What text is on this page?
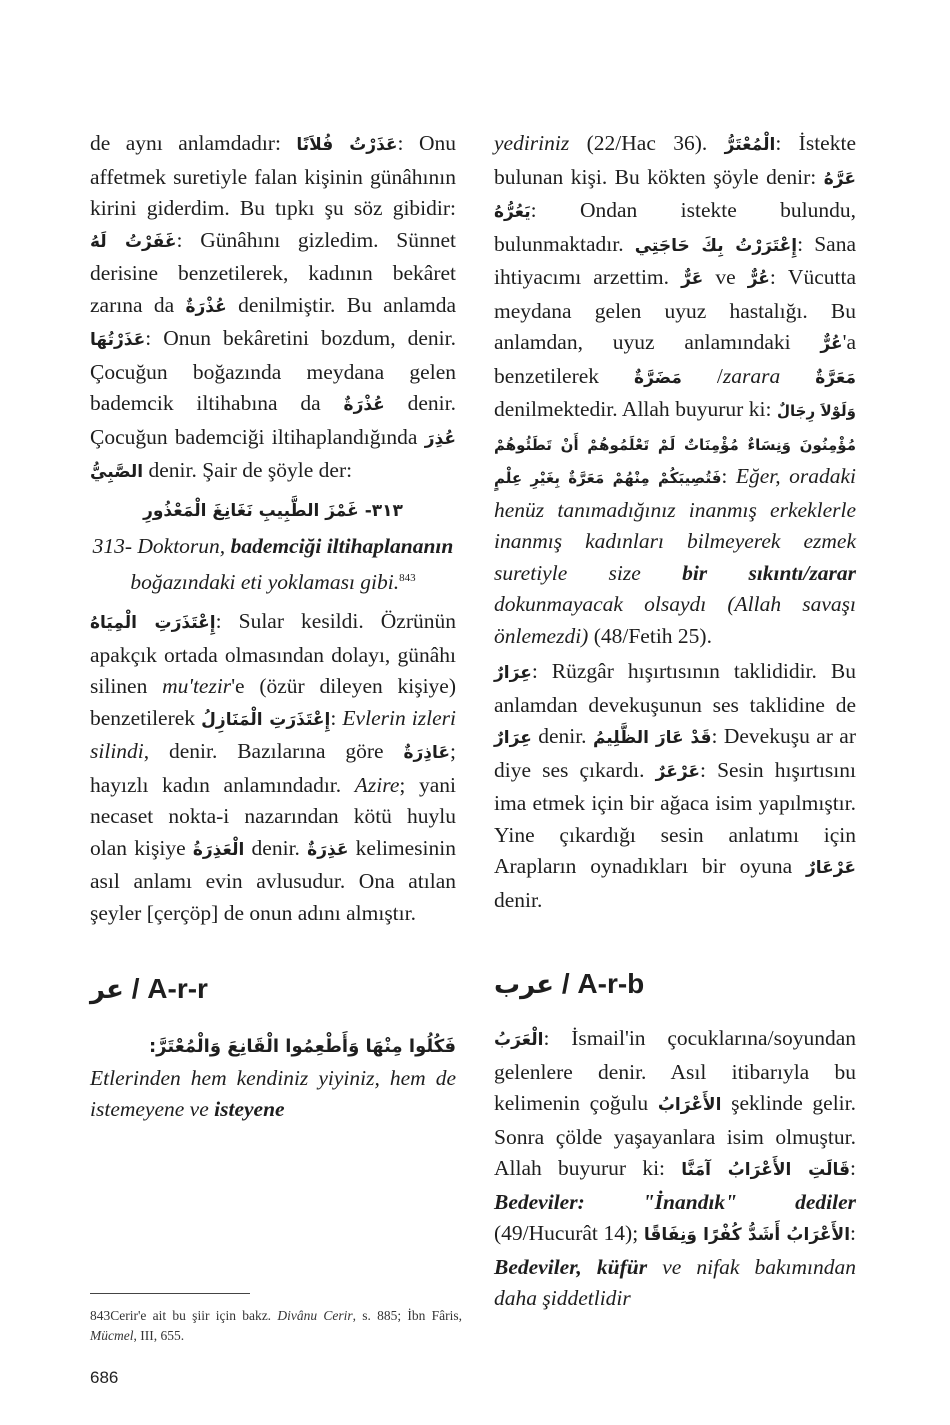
de aynı anlamdadır: عَذَرْتُ فُلاَنًا: Onu affetmek suretiyle falan kişinin günâhının kirini giderdim. Bu tıpkı şu söz gibidir: غَفَرْتُ لَهُ: Günâhını gizledim. Sünnet derisine benzetilerek, kadının bekâret zarına da عُذْرَةٌ denilmiştir. Bu anlamda عَذَرْتُهَا: Onun bekâretini bozdum, denir. Çocuğun boğazında meydana gelen bademcik iltihabına da عُذْرَةٌ denir. Çocuğun bademciği iltihaplandığında عُذِرَ الصَّبِيُّ denir. Şair de şöyle der:

٣١٣- غَمْزَ الطَّبِيبِ نَغَانِغَ الْمَعْذُورِ

313- Doktorun, bademciği iltihaplananın boğazındaki eti yoklaması gibi.$^{843}$

إِعْتَذَرَتِ الْمِيَاهُ: Sular kesildi. Özrünün apakçık ortada olmasından dolayı, günâhı silinen mu'tezir'e (özür dileyen kişiye) benzetilerek إِعْتَذَرَتِ الْمَنَازِلُ: Evlerin izleri silindi, denir. Bazılarına göre عَاذِرَةٌ; hayızlı kadın anlamındadır. Azire; yani necaset nokta-i nazarından kötü huylu olan kişiye الْعَذِرَةُ denir. عَذِرَةٌ kelimesinin asıl anlamı evin avlusudur. Ona atılan şeyler [çerçöp] de onun adını almıştır.

عر / A-r-r

فَكُلُوا مِنْهَا وَأَطْعِمُوا الْقَانِعَ وَالْمُعْتَرَّ:

Etlerinden hem kendiniz yiyiniz, hem de istemeyene ve isteyene

yediriniz (22/Hac 36). الْمُعْتَرُّ: İstekte bulunan kişi. Bu kökten şöyle denir: عَرَّهُ يَعُرُّهُ: Ondan istekte bulundu, bulunmaktadır. إِعْتَرَرْتُ بِكَ حَاجَتِي: Sana ihtiyacımı arzettim. عَرٌّ ve عُرٌّ: Vücutta meydana gelen uyuz hastalığı. Bu anlamdan, uyuz anlamındaki عُرٌّ'a benzetilerek مَضَرَّةٌ /zarara مَعَرَّةٌ denilmektedir. Allah buyurur ki: وَلَوْلاَ رِجَالٌ مُؤْمِنُونَ وَنِسَاءٌ مُؤْمِنَاتٌ لَمْ تَعْلَمُوهُمْ أَنْ تَطَئُوهُمْ فَتُصِيبَكُمْ مِنْهُمْ مَعَرَّةٌ بِغَيْرِ عِلْمٍ: Eğer, oradaki henüz tanımadığınız inanmış erkeklerle inanmış kadınları bilmeyerek ezmek suretiyle size bir sıkıntı/zarar dokunmayacak olsaydı (Allah savaşı önlemezdi) (48/Fetih 25).

عِرَارٌ: Rüzgâr hışırtısının taklididir. Bu anlamdan devekuşunun ses taklidine de عِرَارٌ denir. قَدْ عَارَ الظَّلِيمُ: Devekuşu ar ar diye ses çıkardı. عَرْعَرٌ: Sesin hışırtısını ima etmek için bir ağaca isim yapılmıştır. Yine çıkardığı sesin anlatımı için Arapların oynadıkları bir oyuna عَرْعَارٌ denir.

عرب / A-r-b

الْعَرَبُ: İsmail'in çocuklarına/soyundan gelenlere denir. Asıl itibarıyla bu kelimenin çoğulu الأَعْرَابُ şeklinde gelir. Sonra çölde yaşayanlara isim olmuştur. Allah buyurur ki: قَالَتِ الأَعْرَابُ آمَنَّا: Bedeviler: "İnandık" dediler (49/Hucurât 14); الأَعْرَابُ أَشَدُّ كُفْرًا وَنِفَاقًا: Bedeviler, küfür ve nifak bakımından daha şiddetlidir

843Cerir'e ait bu şiir için bakz. Divânu Cerir, s. 885; İbn Fâris, Mücmel, III, 655.

686
